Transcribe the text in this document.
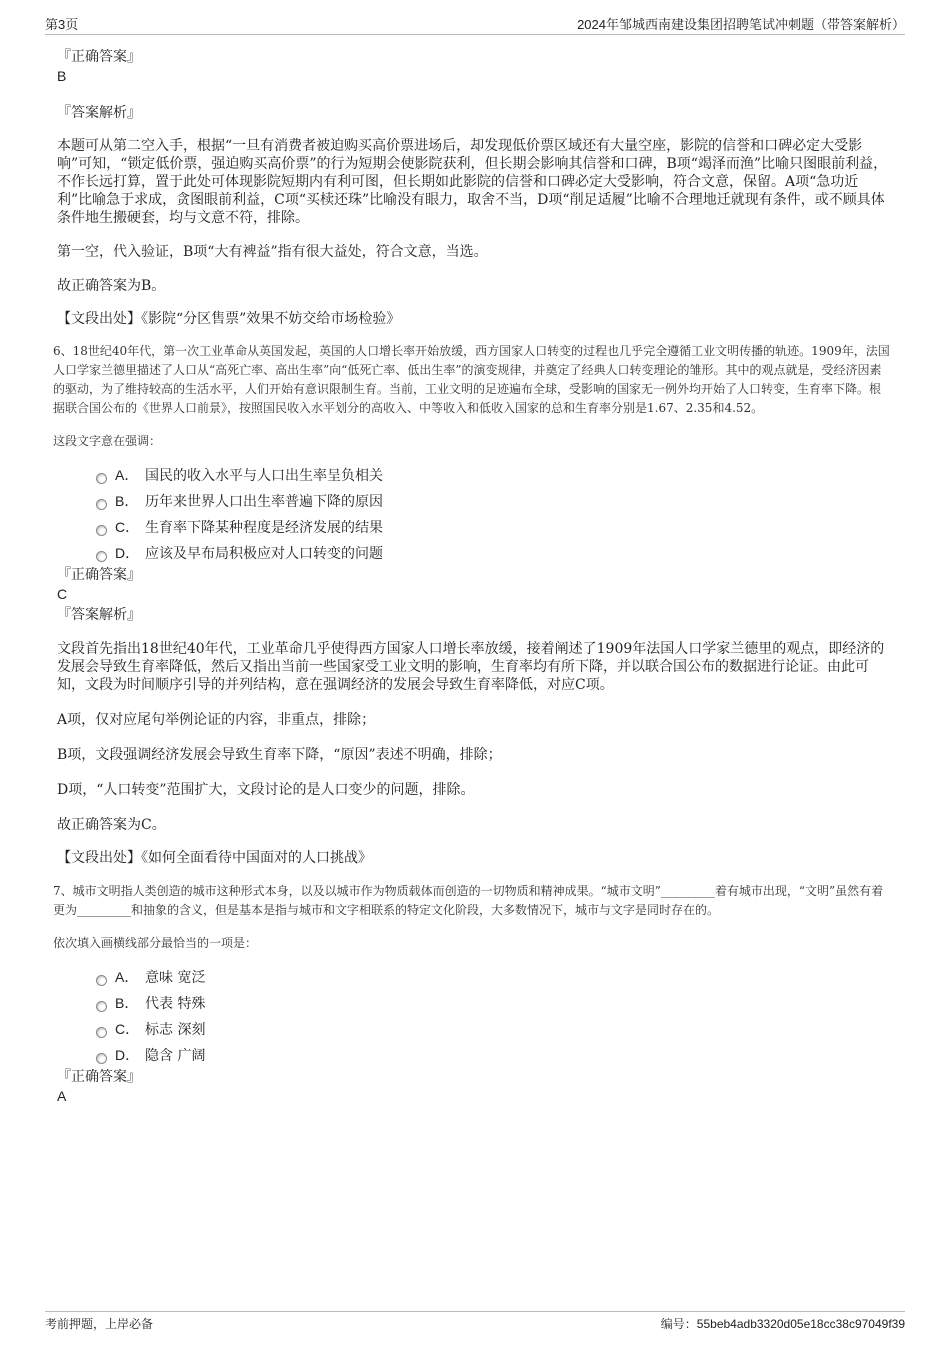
第3页	2024年邹城西南建设集团招聘笔试冲刺题（带答案解析）

『正确答案』

B

『答案解析』

本题可从第二空入手，根据“一旦有消费者被迫购买高价票进场后，却发现低价票区域还有大量空座，影院的信誉和口碑必定大受影响”可知，“锁定低价票，强迫购买高价票”的行为短期会使影院获利，但长期会影响其信誉和口碑，B项“竭泽而渔”比喻只图眼前利益，不作长远打算，置于此处可体现影院短期内有利可图，但长期如此影院的信誉和口碑必定大受影响，符合文意，保留。A项“急功近利”比喻急于求成，贪图眼前利益，C项“买椟还珠”比喻没有眼力，取舍不当，D项“削足适履”比喻不合理地迁就现有条件，或不顾具体条件地生搬硬套，均与文意不符，排除。

第一空，代入验证，B项“大有裨益”指有很大益处，符合文意，当选。

故正确答案为B。

【文段出处】《影院“分区售票”效果不妨交给市场检验》

6、18世纪40年代，第一次工业革命从英国发起，英国的人口增长率开始放缓，西方国家人口转变的过程也几乎完全遵循工业文明传播的轨迹。1909年，法国人口学家兰德里描述了人口从“高死亡率、高出生率”向“低死亡率、低出生率”的演变规律，并奠定了经典人口转变理论的雏形。其中的观点就是，受经济因素的驱动，为了维持较高的生活水平，人们开始有意识限制生育。当前，工业文明的足迹遍布全球，受影响的国家无一例外均开始了人口转变，生育率下降。根据联合国公布的《世界人口前景》，按照国民收入水平划分的高收入、中等收入和低收入国家的总和生育率分别是1.67、2.35和4.52。

这段文字意在强调：

A． 国民的收入水平与人口出生率呈负相关
B． 历年来世界人口出生率普遍下降的原因
C． 生育率下降某种程度是经济发展的结果
D． 应该及早布局积极应对人口转变的问题

『正确答案』

C

『答案解析』

文段首先指出18世纪40年代，工业革命几乎使得西方国家人口增长率放缓，接着阐述了1909年法国人口学家兰德里的观点，即经济的发展会导致生育率降低，然后又指出当前一些国家受工业文明的影响，生育率均有所下降，并以联合国公布的数据进行论证。由此可知，文段为时间顺序引导的并列结构，意在强调经济的发展会导致生育率降低，对应C项。

A项，仅对应尾句举例论证的内容，非重点，排除；

B项，文段强调经济发展会导致生育率下降，“原因”表述不明确，排除；

D项，“人口转变”范围扩大，文段讨论的是人口变少的问题，排除。

故正确答案为C。

【文段出处】《如何全面看待中国面对的人口挑战》

7、城市文明指人类创造的城市这种形式本身，以及以城市作为物质载体而创造的一切物质和精神成果。“城市文明”_________着有城市出现，“文明”虽然有着更为_________和抽象的含义，但是基本是指与城市和文字相联系的特定文化阶段，大多数情况下，城市与文字是同时存在的。

依次填入画横线部分最恰当的一项是：

A． 意味 宽泛
B． 代表 特殊
C． 标志 深刻
D． 隐含 广阔

『正确答案』

A

考前押题，上岸必备	编号：55beb4adb3320d05e18cc38c97049f39
